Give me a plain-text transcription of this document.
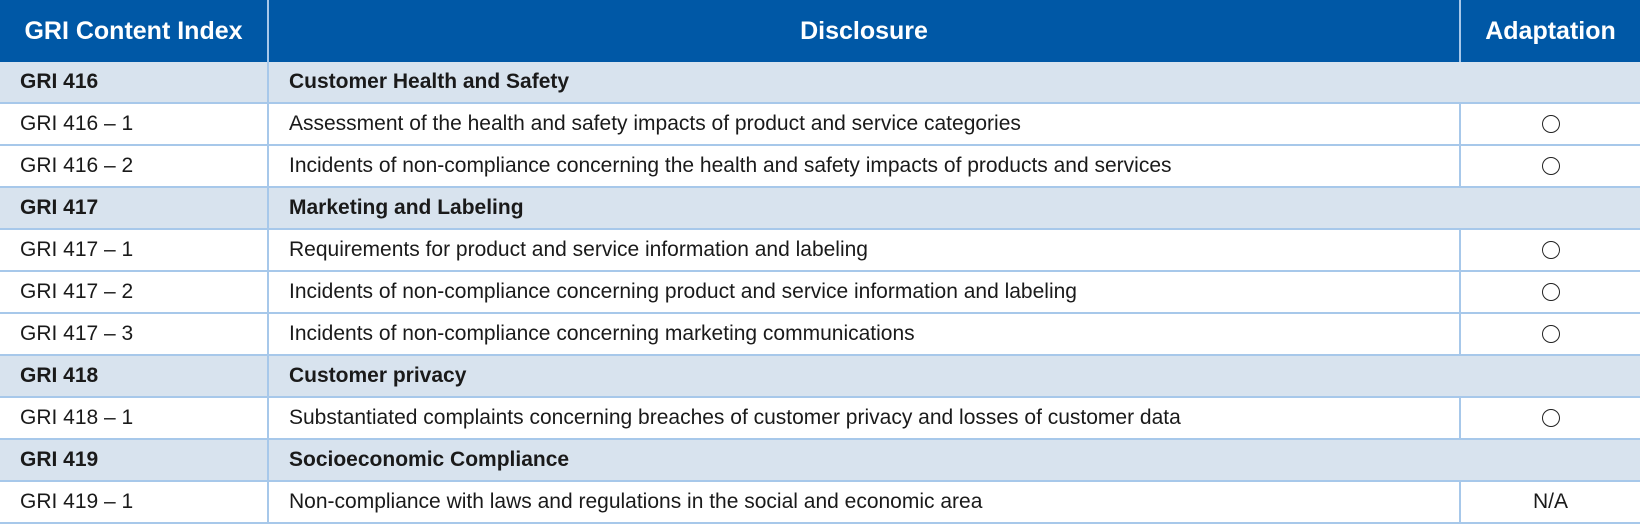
GRI Content Index	Disclosure	Adaptation
GRI 416	Customer Health and Safety	
GRI 416 – 1	Assessment of the health and safety impacts of product and service categories	
GRI 416 – 2	Incidents of non-compliance concerning the health and safety impacts of products and services	
GRI 417	Marketing and Labeling	
GRI 417 – 1	Requirements for product and service information and labeling	
GRI 417 – 2	Incidents of non-compliance concerning product and service information and labeling	
GRI 417 – 3	Incidents of non-compliance concerning marketing communications	
GRI 418	Customer privacy	
GRI 418 – 1	Substantiated complaints concerning breaches of customer privacy and losses of customer data	
GRI 419	Socioeconomic Compliance	
GRI 419 – 1	Non-compliance with laws and regulations in the social and economic area	N/A
